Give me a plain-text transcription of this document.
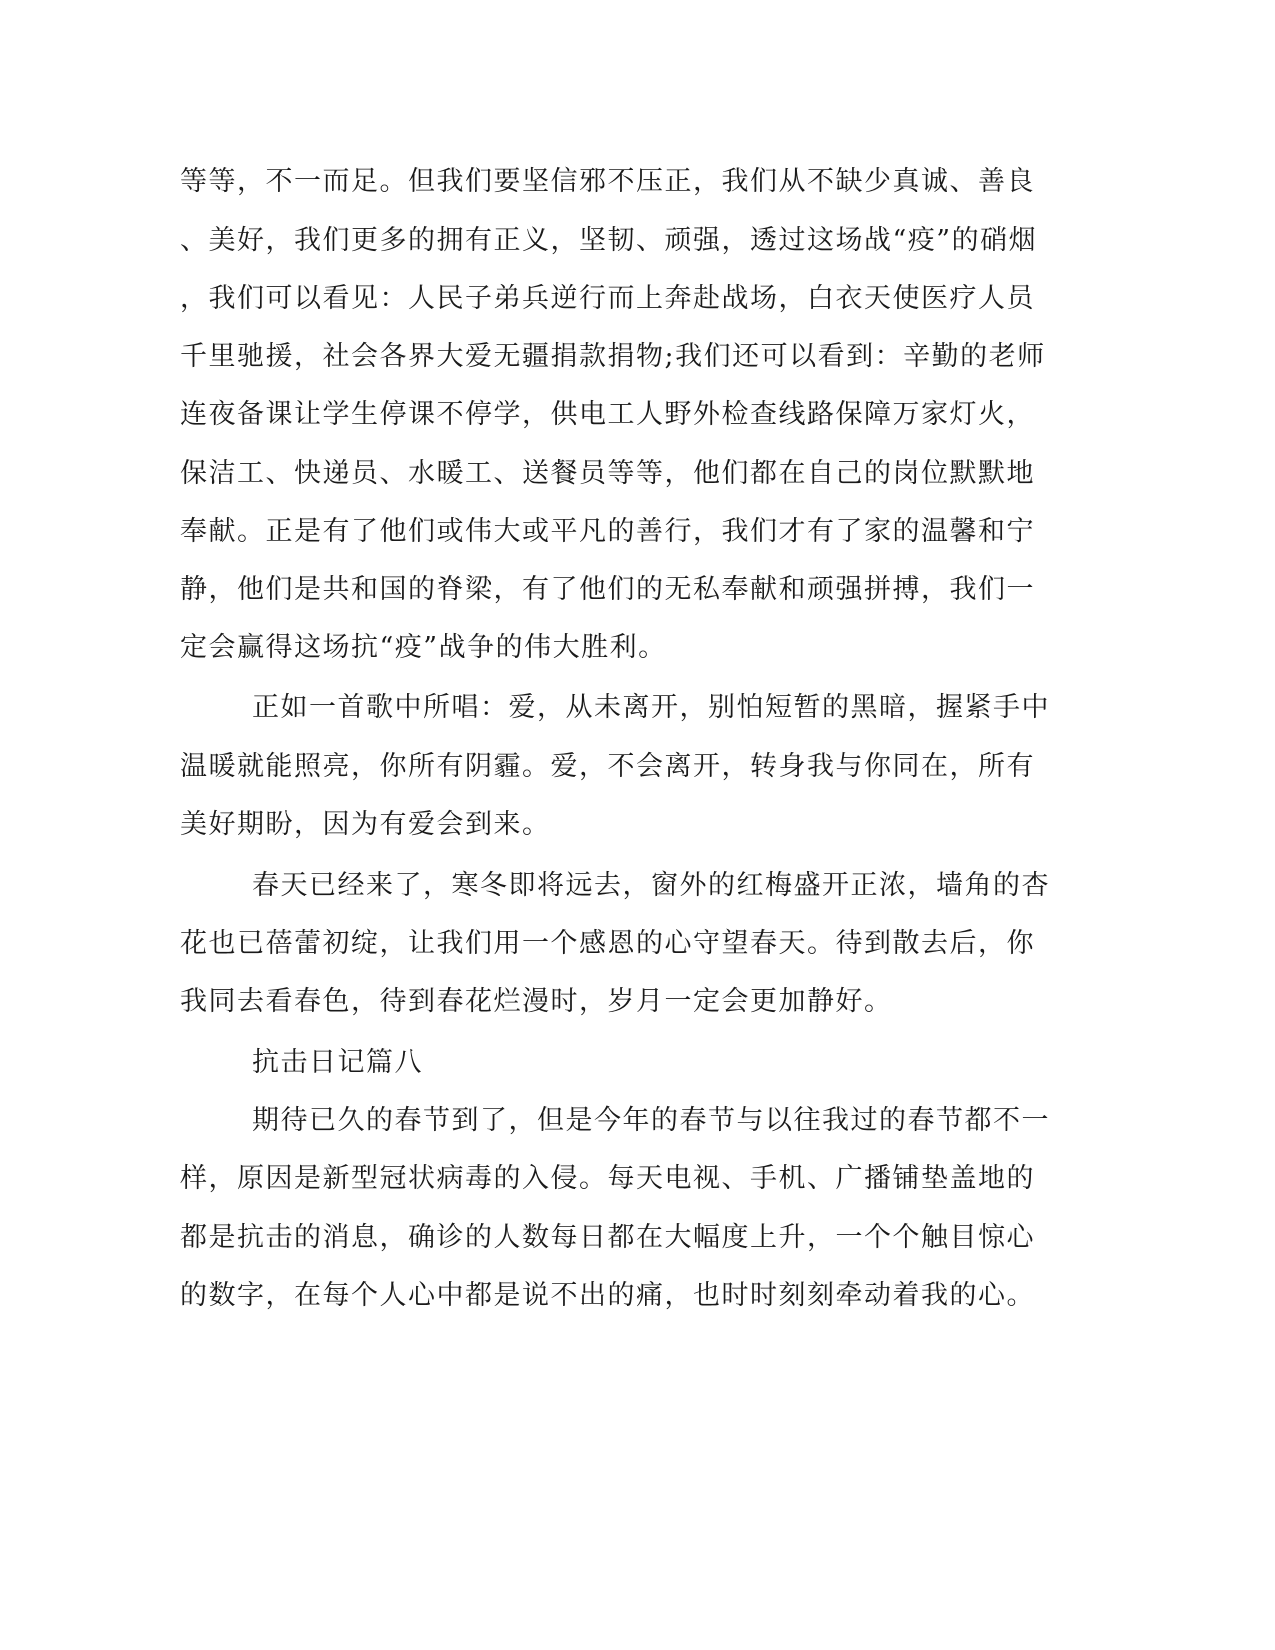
等等，不一而足。但我们要坚信邪不压正，我们从不缺少真诚、善良
、美好，我们更多的拥有正义，坚韧、顽强，透过这场战“疫”的硝烟
，我们可以看见：人民子弟兵逆行而上奔赴战场，白衣天使医疗人员
千里驰援，社会各界大爱无疆捐款捐物;我们还可以看到：辛勤的老师
连夜备课让学生停课不停学，供电工人野外检查线路保障万家灯火，
保洁工、快递员、水暖工、送餐员等等，他们都在自己的岗位默默地
奉献。正是有了他们或伟大或平凡的善行，我们才有了家的温馨和宁
静，他们是共和国的脊梁，有了他们的无私奉献和顽强拼搏，我们一
定会赢得这场抗“疫”战争的伟大胜利。
正如一首歌中所唱：爱，从未离开，别怕短暂的黑暗，握紧手中
温暖就能照亮，你所有阴霾。爱，不会离开，转身我与你同在，所有
美好期盼，因为有爱会到来。
春天已经来了，寒冬即将远去，窗外的红梅盛开正浓，墙角的杏
花也已蓓蕾初绽，让我们用一个感恩的心守望春天。待到散去后，你
我同去看春色，待到春花烂漫时，岁月一定会更加静好。
抗击日记篇八
期待已久的春节到了，但是今年的春节与以往我过的春节都不一
样，原因是新型冠状病毒的入侵。每天电视、手机、广播铺垫盖地的
都是抗击的消息，确诊的人数每日都在大幅度上升，一个个触目惊心
的数字，在每个人心中都是说不出的痛，也时时刻刻牵动着我的心。
